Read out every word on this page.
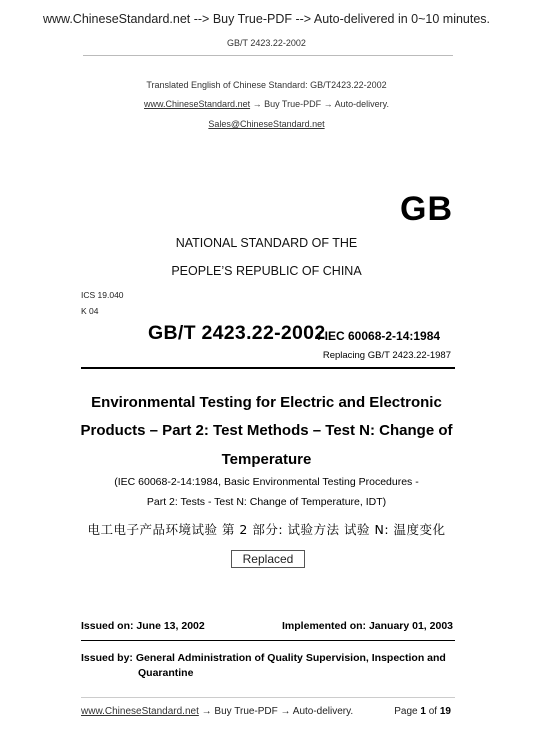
www.ChineseStandard.net --> Buy True-PDF --> Auto-delivered in 0~10 minutes.
GB/T 2423.22-2002
Translated English of Chinese Standard: GB/T2423.22-2002
www.ChineseStandard.net → Buy True-PDF → Auto-delivery.
Sales@ChineseStandard.net
GB
NATIONAL STANDARD OF THE
PEOPLE’S REPUBLIC OF CHINA
ICS 19.040
K 04
GB/T 2423.22-2002
/ IEC 60068-2-14:1984
Replacing GB/T 2423.22-1987
Environmental Testing for Electric and Electronic
Products – Part 2: Test Methods – Test N: Change of
Temperature
(IEC 60068-2-14:1984, Basic Environmental Testing Procedures -
Part 2: Tests - Test N: Change of Temperature, IDT)
电工电子产品环境试验 第 2 部分: 试验方法 试验 N: 温度变化
Replaced
Issued on: June 13, 2002	Implemented on: January 01, 2003
Issued by: General Administration of Quality Supervision, Inspection and
Quarantine
www.ChineseStandard.net → Buy True-PDF → Auto-delivery.	Page 1 of 19
